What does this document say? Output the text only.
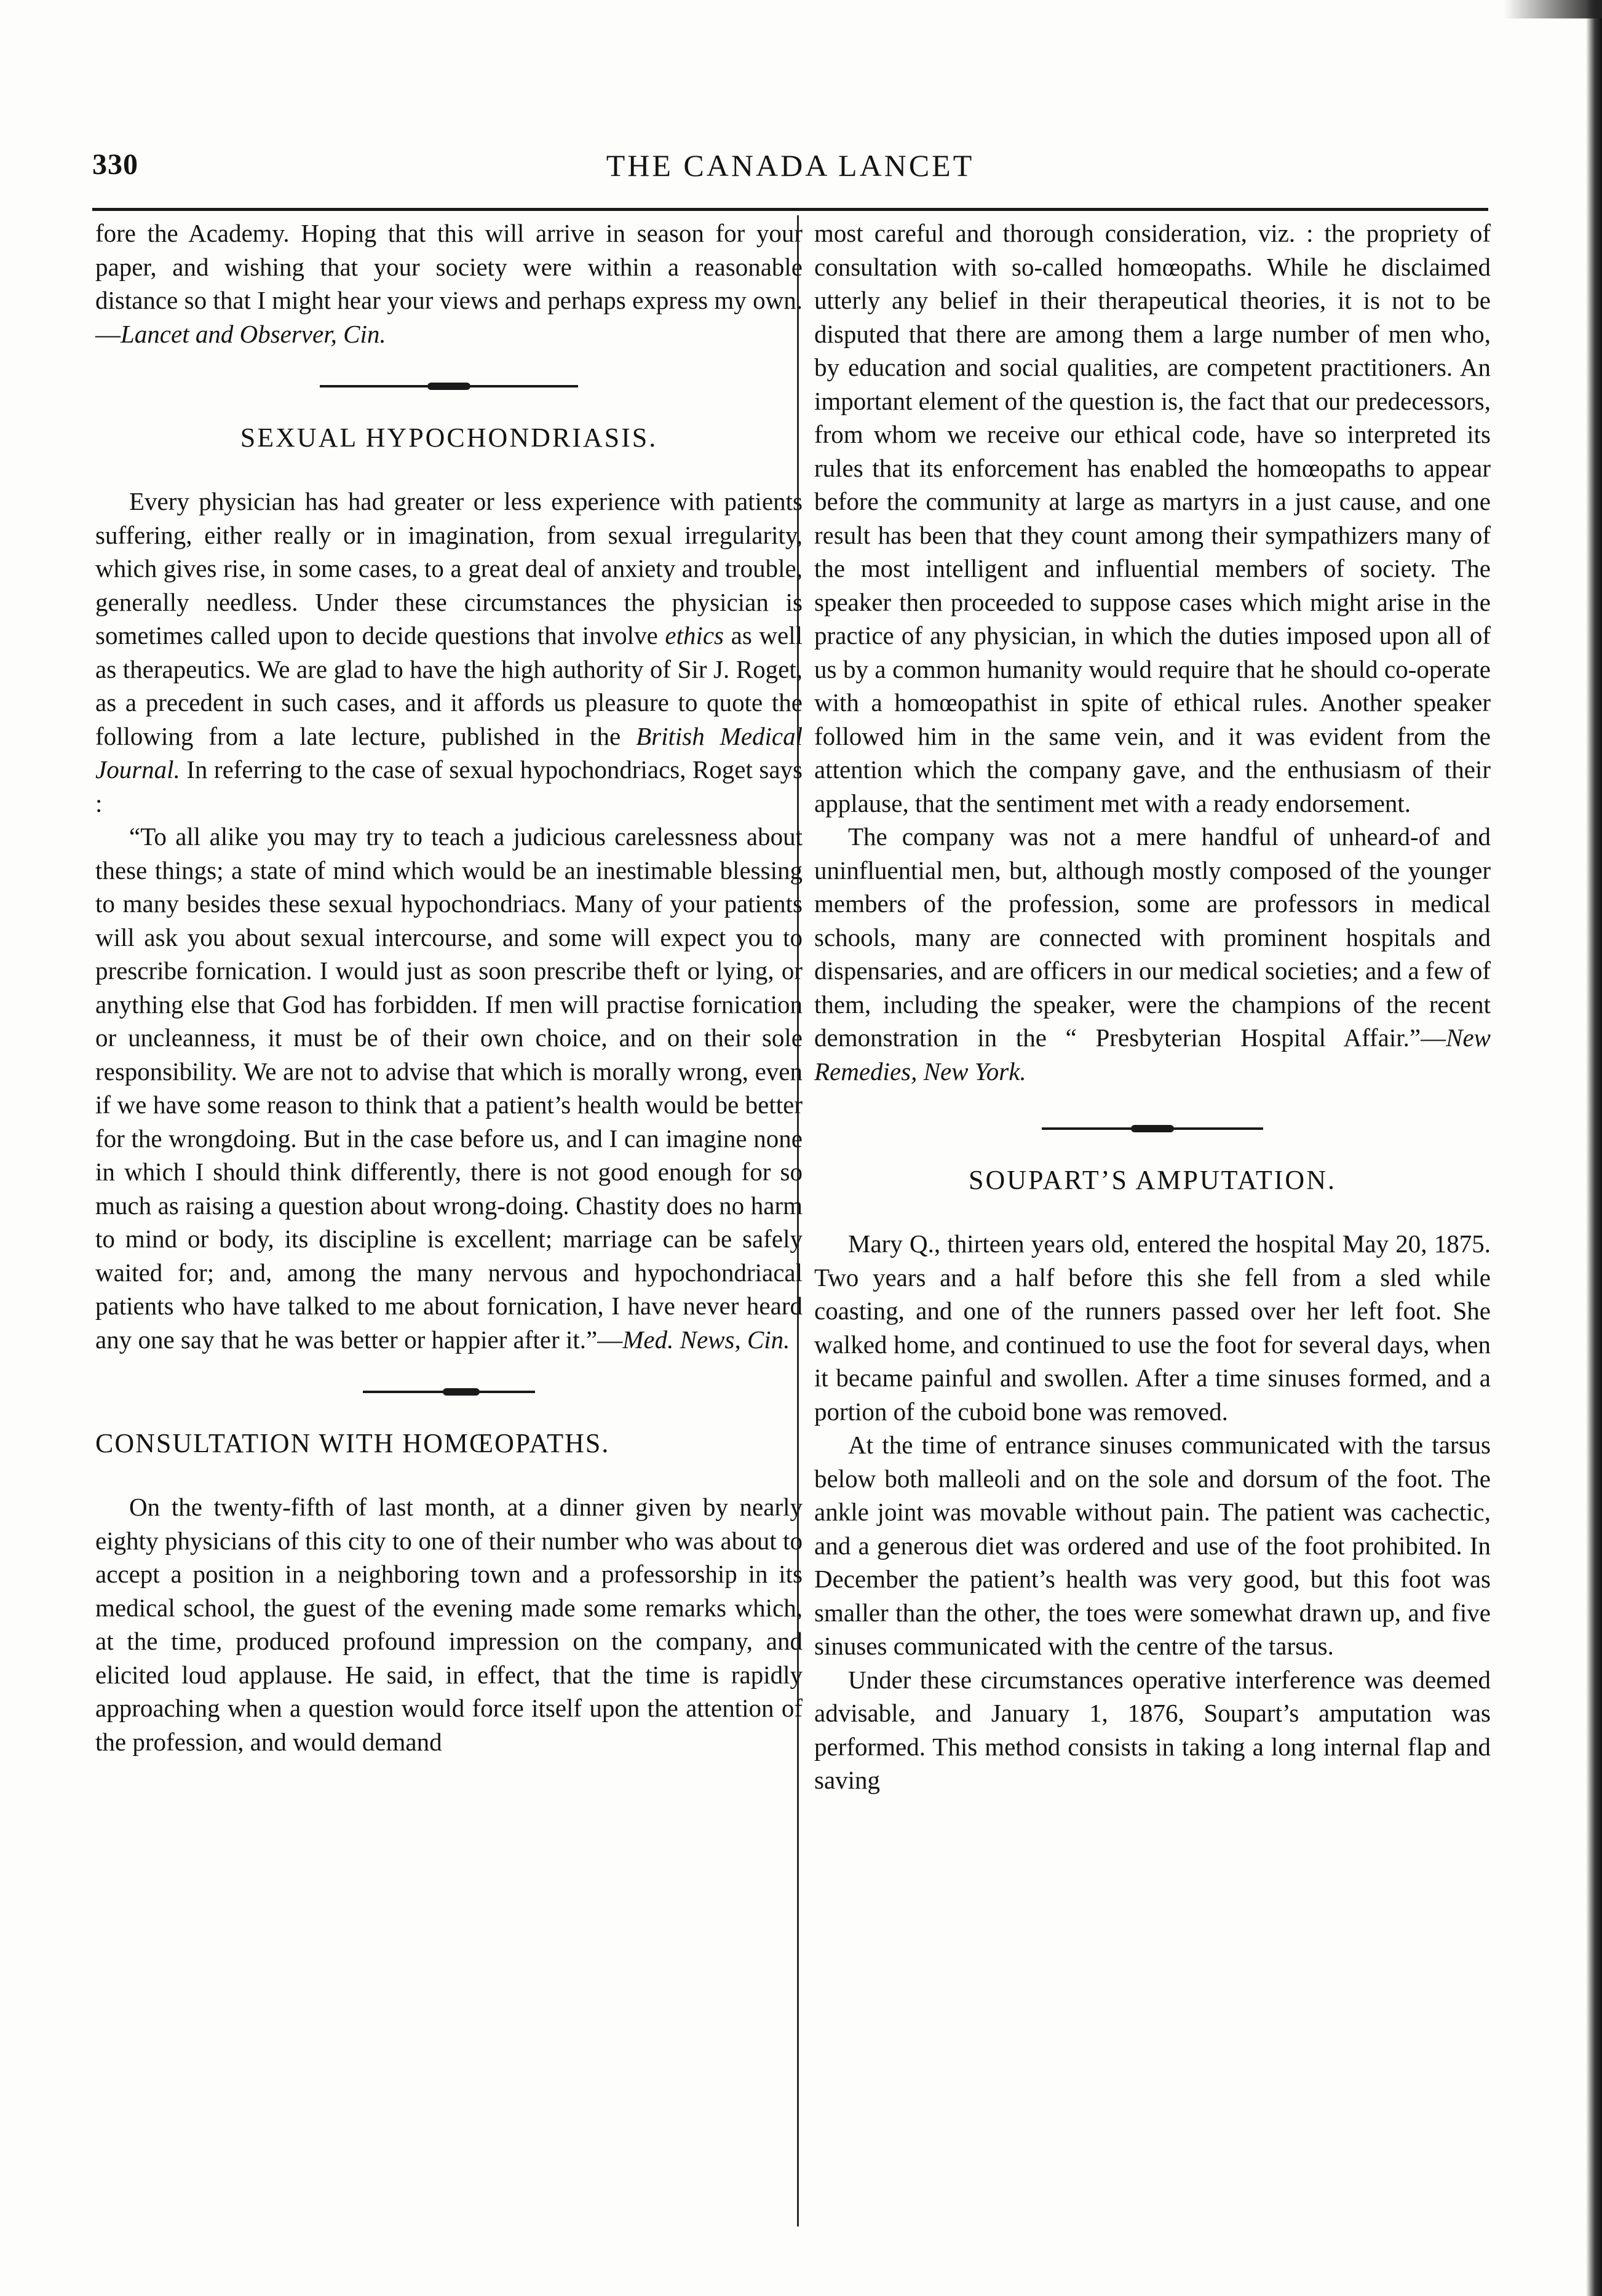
330	THE CANADA LANCET

fore the Academy. Hoping that this will arrive in season for your paper, and wishing that your society were within a reasonable distance so that I might hear your views and perhaps express my own.—Lancet and Observer, Cin.

SEXUAL HYPOCHONDRIASIS.

Every physician has had greater or less experience with patients suffering, either really or in imagination, from sexual irregularity, which gives rise, in some cases, to a great deal of anxiety and trouble, generally needless. Under these circumstances the physician is sometimes called upon to decide questions that involve ethics as well as therapeutics. We are glad to have the high authority of Sir J. Roget, as a precedent in such cases, and it affords us pleasure to quote the following from a late lecture, published in the British Medical Journal. In referring to the case of sexual hypochondriacs, Roget says :

“To all alike you may try to teach a judicious carelessness about these things; a state of mind which would be an inestimable blessing to many besides these sexual hypochondriacs. Many of your patients will ask you about sexual intercourse, and some will expect you to prescribe fornication. I would just as soon prescribe theft or lying, or anything else that God has forbidden. If men will practise fornication or uncleanness, it must be of their own choice, and on their sole responsibility. We are not to advise that which is morally wrong, even if we have some reason to think that a patient’s health would be better for the wrongdoing. But in the case before us, and I can imagine none in which I should think differently, there is not good enough for so much as raising a question about wrong-doing. Chastity does no harm to mind or body, its discipline is excellent; marriage can be safely waited for; and, among the many nervous and hypochondriacal patients who have talked to me about fornication, I have never heard any one say that he was better or happier after it.”—Med. News, Cin.

CONSULTATION WITH HOMŒOPATHS.

On the twenty-fifth of last month, at a dinner given by nearly eighty physicians of this city to one of their number who was about to accept a position in a neighboring town and a professorship in its medical school, the guest of the evening made some remarks which, at the time, produced profound impression on the company, and elicited loud applause. He said, in effect, that the time is rapidly approaching when a question would force itself upon the attention of the profession, and would demand

most careful and thorough consideration, viz. : the propriety of consultation with so-called homœopaths. While he disclaimed utterly any belief in their therapeutical theories, it is not to be disputed that there are among them a large number of men who, by education and social qualities, are competent practitioners. An important element of the question is, the fact that our predecessors, from whom we receive our ethical code, have so interpreted its rules that its enforcement has enabled the homœopaths to appear before the community at large as martyrs in a just cause, and one result has been that they count among their sympathizers many of the most intelligent and influential members of society. The speaker then proceeded to suppose cases which might arise in the practice of any physician, in which the duties imposed upon all of us by a common humanity would require that he should co-operate with a homœopathist in spite of ethical rules. Another speaker followed him in the same vein, and it was evident from the attention which the company gave, and the enthusiasm of their applause, that the sentiment met with a ready endorsement.

The company was not a mere handful of unheard-of and uninfluential men, but, although mostly composed of the younger members of the profession, some are professors in medical schools, many are connected with prominent hospitals and dispensaries, and are officers in our medical societies; and a few of them, including the speaker, were the champions of the recent demonstration in the “ Presbyterian Hospital Affair.”—New Remedies, New York.

SOUPART’S AMPUTATION.

Mary Q., thirteen years old, entered the hospital May 20, 1875. Two years and a half before this she fell from a sled while coasting, and one of the runners passed over her left foot. She walked home, and continued to use the foot for several days, when it became painful and swollen. After a time sinuses formed, and a portion of the cuboid bone was removed.

At the time of entrance sinuses communicated with the tarsus below both malleoli and on the sole and dorsum of the foot. The ankle joint was movable without pain. The patient was cachectic, and a generous diet was ordered and use of the foot prohibited. In December the patient’s health was very good, but this foot was smaller than the other, the toes were somewhat drawn up, and five sinuses communicated with the centre of the tarsus.

Under these circumstances operative interference was deemed advisable, and January 1, 1876, Soupart’s amputation was performed. This method consists in taking a long internal flap and saving
